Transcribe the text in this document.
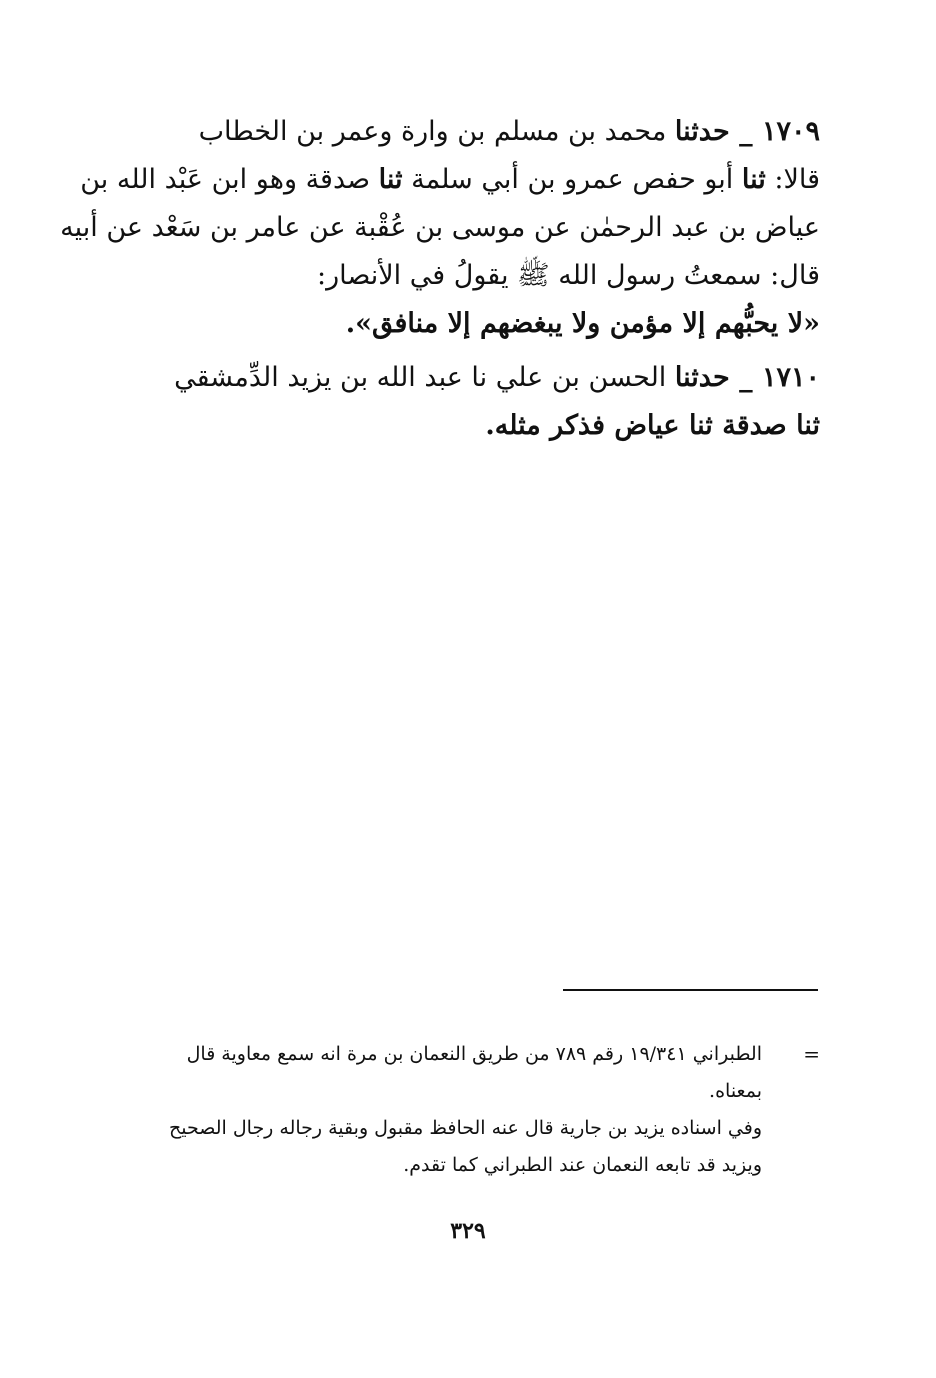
١٧٠٩ _ حدثنا محمد بن مسلم بن وارة وعمر بن الخطاب
قالا: ثنا أبو حفص عمرو بن أبي سلمة ثنا صدقة وهو ابن عَبْد الله بن
عياض بن عبد الرحمٰن عن موسى بن عُقْبة عن عامر بن سَعْد عن أبيه
قال: سمعتُ رسول الله ﷺ يقولُ في الأنصار:
«لا يحبُّهم إلا مؤمن ولا يبغضهم إلا منافق».
١٧١٠ _ حدثنا الحسن بن علي نا عبد الله بن يزيد الدِّمشقي
ثنا صدقة ثنا عياض فذكر مثله.
=
الطبراني ١٩/٣٤١ رقم ٧٨٩ من طريق النعمان بن مرة انه سمع معاوية قال
بمعناه.
وفي اسناده يزيد بن جارية قال عنه الحافظ مقبول وبقية رجاله رجال الصحيح
ويزيد قد تابعه النعمان عند الطبراني كما تقدم.
٣٢٩
